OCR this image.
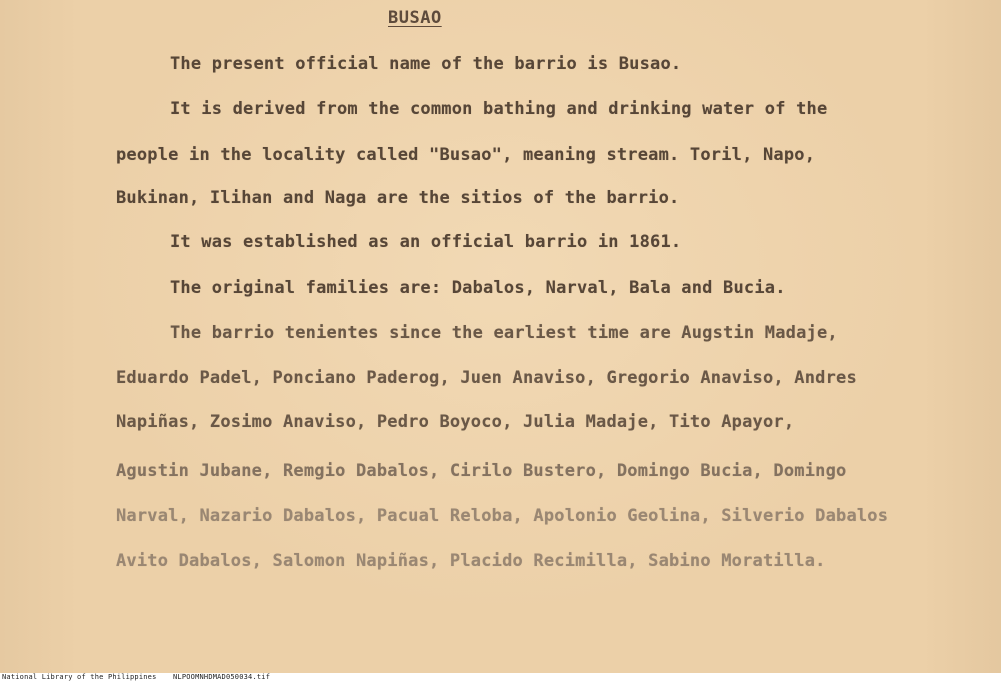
BUSAO
The present official name of the barrio is Busao.
It is derived from the common bathing and drinking water of the
people in the locality called "Busao", meaning stream. Toril, Napo,
Bukinan, Ilihan and Naga are the sitios of the barrio.
It was established as an official barrio in 1861.
The original families are: Dabalos, Narval, Bala and Bucia.
The barrio tenientes since the earliest time are Augstin Madaje,
Eduardo Padel, Ponciano Paderog, Juen Anaviso, Gregorio Anaviso, Andres
Napiñas, Zosimo Anaviso, Pedro Boyoco, Julia Madaje, Tito Apayor,
Agustin Jubane, Remgio Dabalos, Cirilo Bustero, Domingo Bucia, Domingo
Narval, Nazario Dabalos, Pacual Reloba, Apolonio Geolina, Silverio Dabalos
Avito Dabalos, Salomon Napiñas, Placido Recimilla, Sabino Moratilla.
National Library of the Philippines NLPOOMNHDMAD050034.tif
